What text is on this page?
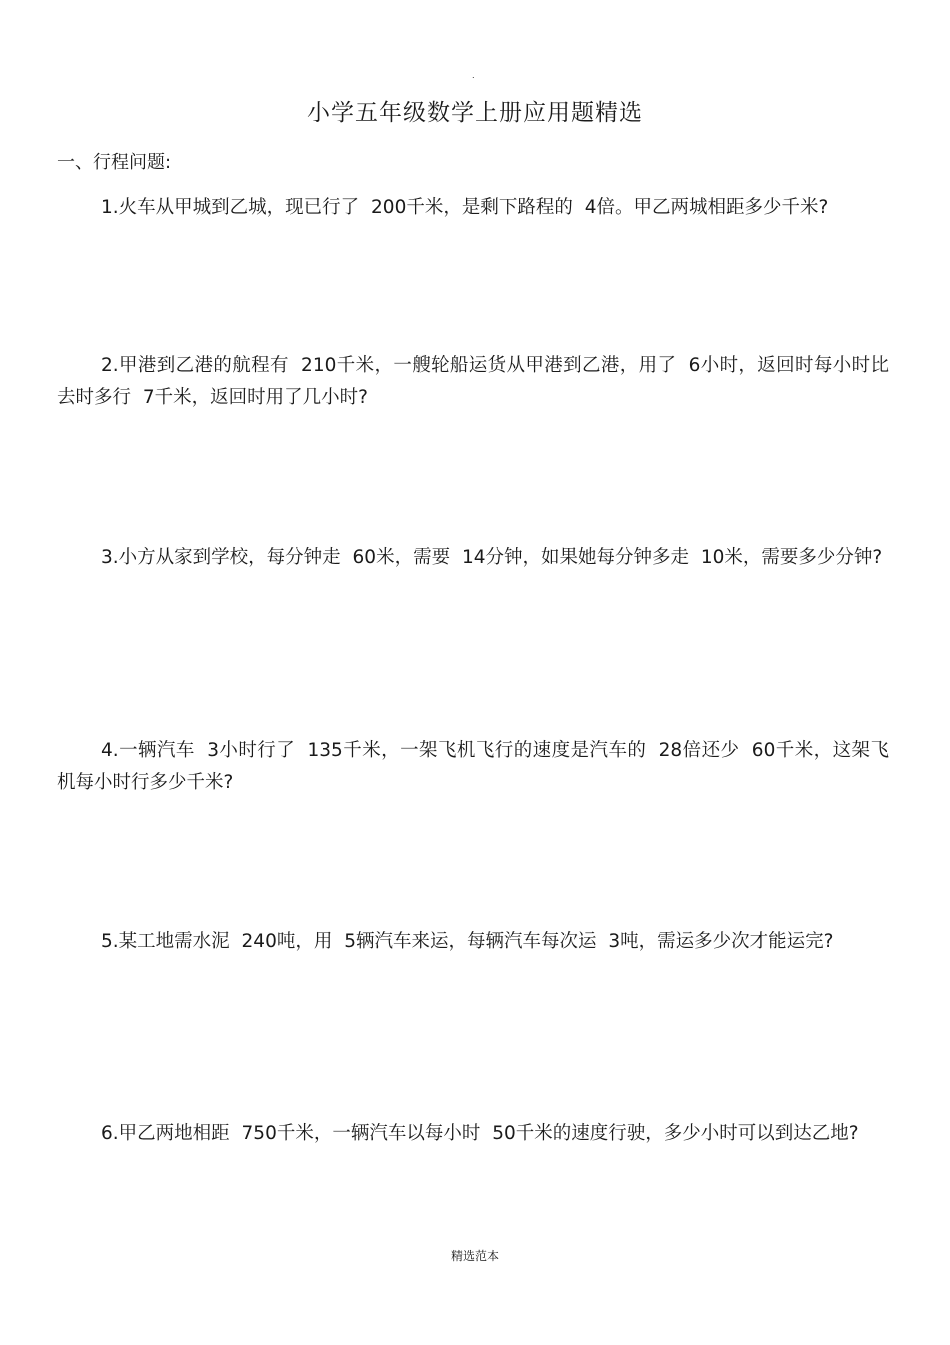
.
小学五年级数学上册应用题精选
一、行程问题:

1.火车从甲城到乙城，现已行了 200千米，是剩下路程的 4倍。甲乙两城相距多少千米?

2.甲港到乙港的航程有 210千米，一艘轮船运货从甲港到乙港，用了 6小时，返回时每小时比去时多行 7千米，返回时用了几小时?

3.小方从家到学校，每分钟走 60米，需要 14分钟，如果她每分钟多走 10米，需要多少分钟?

4.一辆汽车 3小时行了 135千米，一架飞机飞行的速度是汽车的 28倍还少 60千米，这架飞机每小时行多少千米?

5.某工地需水泥 240吨，用 5辆汽车来运，每辆汽车每次运 3吨，需运多少次才能运完?

6.甲乙两地相距 750千米，一辆汽车以每小时 50千米的速度行驶，多少小时可以到达乙地?

精选范本
